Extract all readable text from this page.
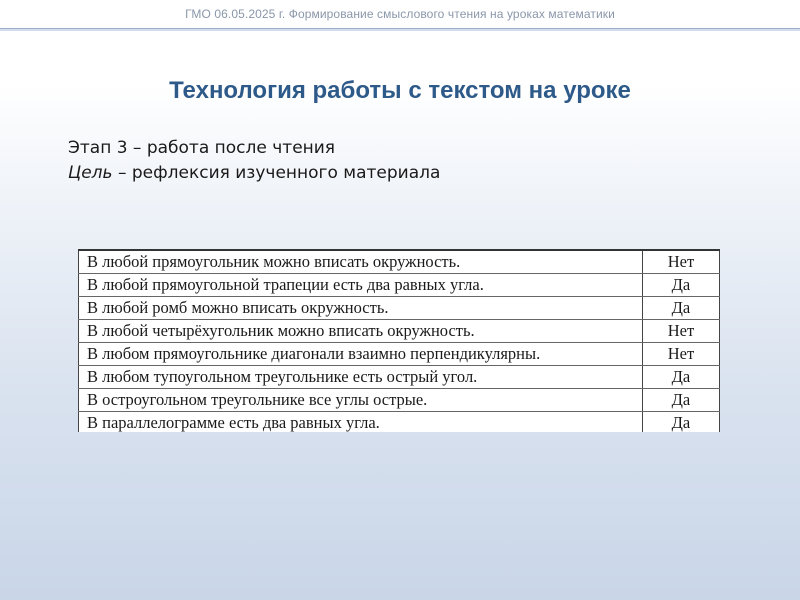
ГМО 06.05.2025 г. Формирование смыслового чтения на уроках математики
Технология работы с текстом на уроке
Этап 3 – работа после чтения
Цель – рефлексия изученного материала
В любой прямоугольник можно вписать окружность.	Нет
В любой прямоугольной трапеции есть два равных угла.	Да
В любой ромб можно вписать окружность.	Да
В любой четырёхугольник можно вписать окружность.	Нет
В любом прямоугольнике диагонали взаимно перпендикулярны.	Нет
В любом тупоугольном треугольнике есть острый угол.	Да
В остроугольном треугольнике все углы острые.	Да
В параллелограмме есть два равных угла.	Да
